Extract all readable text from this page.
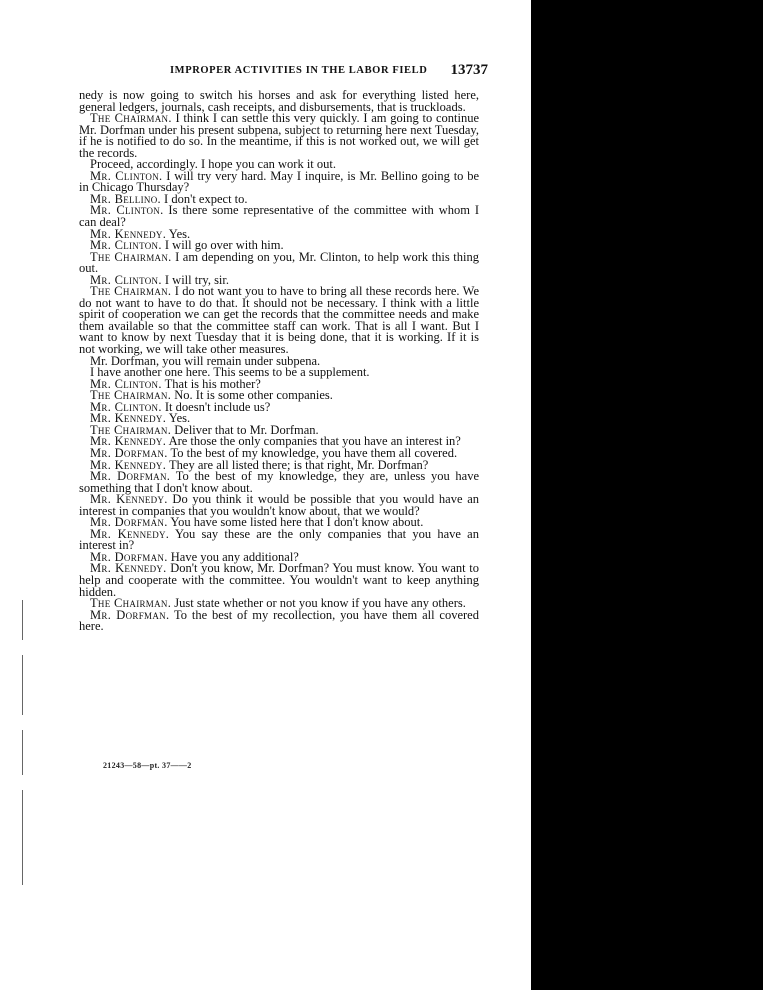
IMPROPER ACTIVITIES IN THE LABOR FIELD 13737

nedy is now going to switch his horses and ask for everything listed here, general ledgers, journals, cash receipts, and disbursements, that is truckloads.

The Chairman. I think I can settle this very quickly. I am going to continue Mr. Dorfman under his present subpena, subject to returning here next Tuesday, if he is notified to do so. In the meantime, if this is not worked out, we will get the records.

Proceed, accordingly. I hope you can work it out.

Mr. Clinton. I will try very hard. May I inquire, is Mr. Bellino going to be in Chicago Thursday?

Mr. Bellino. I don't expect to.

Mr. Clinton. Is there some representative of the committee with whom I can deal?

Mr. Kennedy. Yes.

Mr. Clinton. I will go over with him.

The Chairman. I am depending on you, Mr. Clinton, to help work this thing out.

Mr. Clinton. I will try, sir.

The Chairman. I do not want you to have to bring all these records here. We do not want to have to do that. It should not be necessary. I think with a little spirit of cooperation we can get the records that the committee needs and make them available so that the committee staff can work. That is all I want. But I want to know by next Tuesday that it is being done, that it is working. If it is not working, we will take other measures.

Mr. Dorfman, you will remain under subpena.

I have another one here. This seems to be a supplement.

Mr. Clinton. That is his mother?

The Chairman. No. It is some other companies.

Mr. Clinton. It doesn't include us?

Mr. Kennedy. Yes.

The Chairman. Deliver that to Mr. Dorfman.

Mr. Kennedy. Are those the only companies that you have an interest in?

Mr. Dorfman. To the best of my knowledge, you have them all covered.

Mr. Kennedy. They are all listed there; is that right, Mr. Dorfman?

Mr. Dorfman. To the best of my knowledge, they are, unless you have something that I don't know about.

Mr. Kennedy. Do you think it would be possible that you would have an interest in companies that you wouldn't know about, that we would?

Mr. Dorfman. You have some listed here that I don't know about.

Mr. Kennedy. You say these are the only companies that you have an interest in?

Mr. Dorfman. Have you any additional?

Mr. Kennedy. Don't you know, Mr. Dorfman? You must know. You want to help and cooperate with the committee. You wouldn't want to keep anything hidden.

The Chairman. Just state whether or not you know if you have any others.

Mr. Dorfman. To the best of my recollection, you have them all covered here.

21243—58—pt. 37——2
